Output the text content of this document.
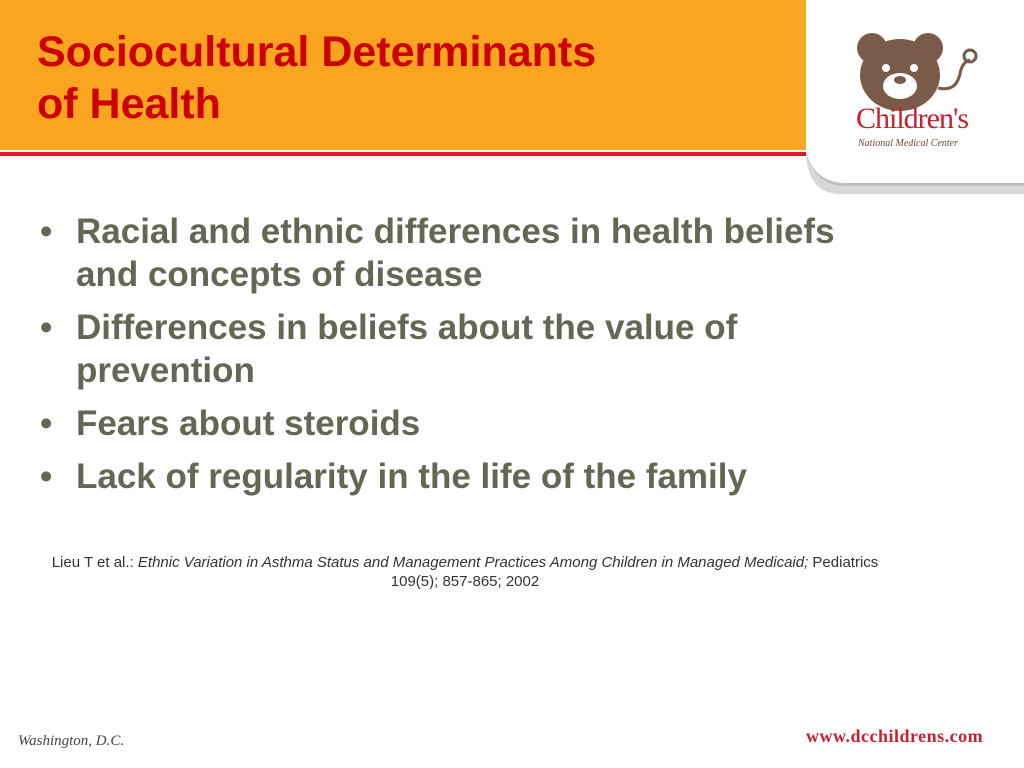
Sociocultural Determinants
of Health	Children's
National Medical Center
• Racial and ethnic differences in health beliefs and concepts of disease
• Differences in beliefs about the value of prevention
• Fears about steroids
• Lack of regularity in the life of the family
Lieu T et al.: Ethnic Variation in Asthma Status and Management Practices Among Children in Managed Medicaid; Pediatrics 109(5); 857-865; 2002
Washington, D.C.	www.dcchildrens.com
